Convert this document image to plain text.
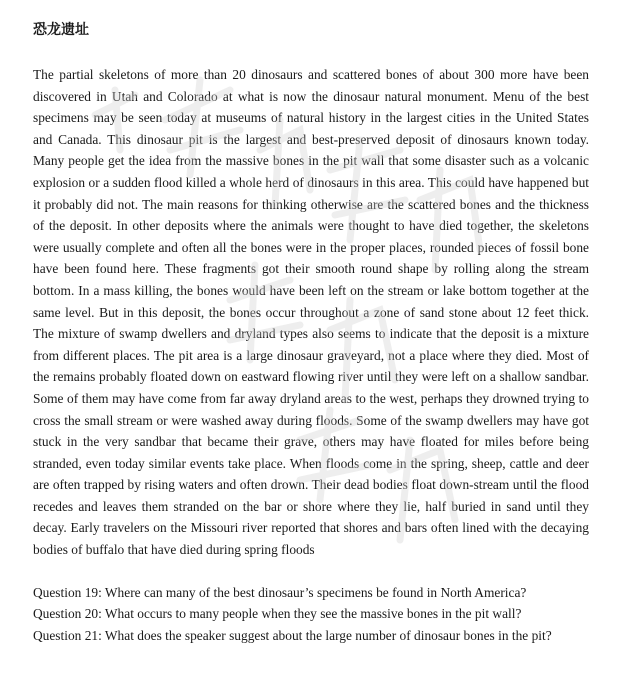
恐龙遗址

The partial skeletons of more than 20 dinosaurs and scattered bones of about 300 more have been discovered in Utah and Colorado at what is now the dinosaur natural monument. Menu of the best specimens may be seen today at museums of natural history in the largest cities in the United States and Canada. This dinosaur pit is the largest and best-preserved deposit of dinosaurs known today. Many people get the idea from the massive bones in the pit wall that some disaster such as a volcanic explosion or a sudden flood killed a whole herd of dinosaurs in this area. This could have happened but it probably did not. The main reasons for thinking otherwise are the scattered bones and the thickness of the deposit. In other deposits where the animals were thought to have died together, the skeletons were usually complete and often all the bones were in the proper places, rounded pieces of fossil bone have been found here. These fragments got their smooth round shape by rolling along the stream bottom. In a mass killing, the bones would have been left on the stream or lake bottom together at the same level. But in this deposit, the bones occur throughout a zone of sand stone about 12 feet thick. The mixture of swamp dwellers and dryland types also seems to indicate that the deposit is a mixture from different places. The pit area is a large dinosaur graveyard, not a place where they died. Most of the remains probably floated down on eastward flowing river until they were left on a shallow sandbar. Some of them may have come from far away dryland areas to the west, perhaps they drowned trying to cross the small stream or were washed away during floods. Some of the swamp dwellers may have got stuck in the very sandbar that became their grave, others may have floated for miles before being stranded, even today similar events take place. When floods come in the spring, sheep, cattle and deer are often trapped by rising waters and often drown. Their dead bodies float down-stream until the flood recedes and leaves them stranded on the bar or shore where they lie, half buried in sand until they decay. Early travelers on the Missouri river reported that shores and bars often lined with the decaying bodies of buffalo that have died during spring floods

Question 19: Where can many of the best dinosaur’s specimens be found in North America?
Question 20: What occurs to many people when they see the massive bones in the pit wall?
Question 21: What does the speaker suggest about the large number of dinosaur bones in the pit?
